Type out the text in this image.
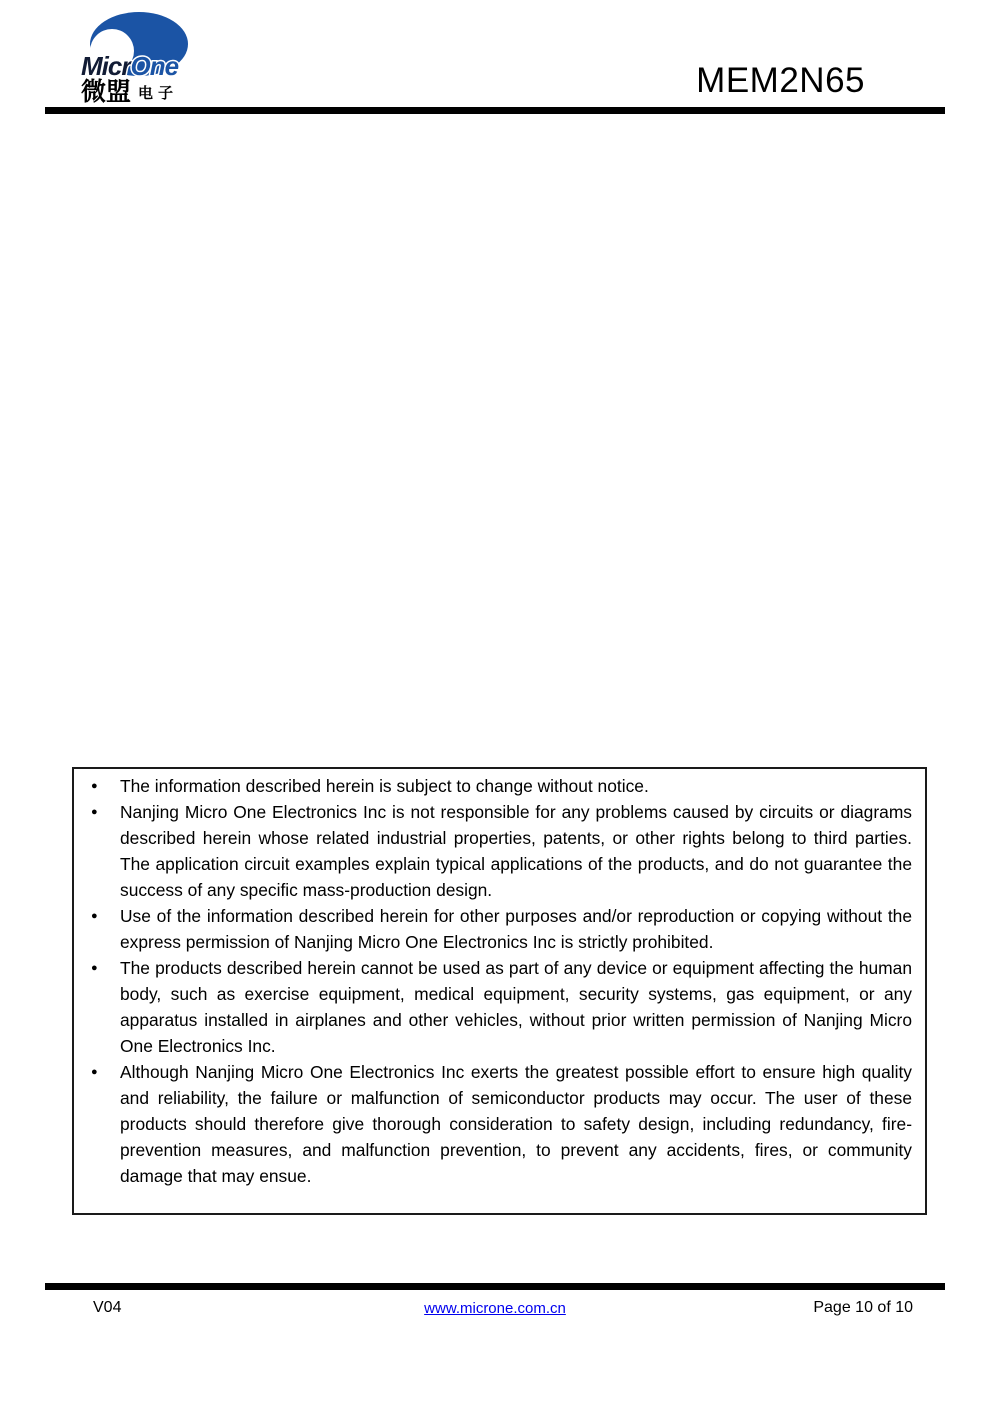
MicrOne
微盟 电子	MEM2N65
●	The information described herein is subject to change without notice.

●	Nanjing Micro One Electronics Inc is not responsible for any problems caused by circuits or diagrams described herein whose related industrial properties, patents, or other rights belong to third parties. The application circuit examples explain typical applications of the products, and do not guarantee the success of any specific mass-production design.

●	Use of the information described herein for other purposes and/or reproduction or copying without the express permission of Nanjing Micro One Electronics Inc is strictly prohibited.

●	The products described herein cannot be used as part of any device or equipment affecting the human body, such as exercise equipment, medical equipment, security systems, gas equipment, or any apparatus installed in airplanes and other vehicles, without prior written permission of Nanjing Micro One Electronics Inc.

●	Although Nanjing Micro One Electronics Inc exerts the greatest possible effort to ensure high quality and reliability, the failure or malfunction of semiconductor products may occur. The user of these products should therefore give thorough consideration to safety design, including redundancy, fire-prevention measures, and malfunction prevention, to prevent any accidents, fires, or community damage that may ensue.

V04	www.microne.com.cn	Page 10 of 10
